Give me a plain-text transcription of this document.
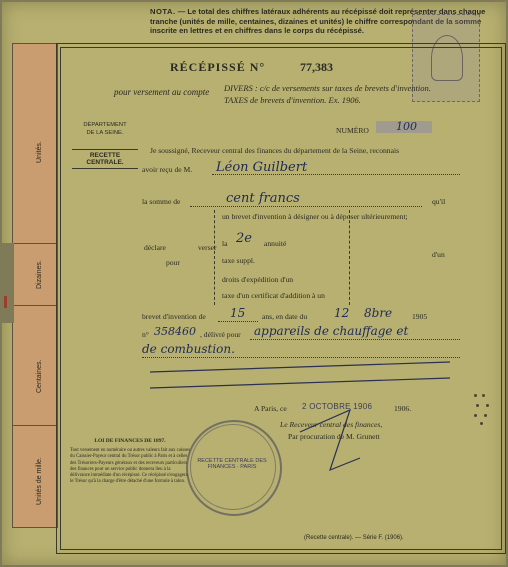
NOTA. — Le total des chiffres latéraux adhérents au récépissé doit représenter dans chaque tranche (unités de mille, centaines, dizaines et unités) le chiffre correspondant de la somme inscrite en lettres et en chiffres dans le corps du récépissé.
Unités.
Dizaines.
Centaines.
Unités de mille.
RÉCÉPISSÉ N°	77,383
pour versement au compte DIVERS : c/c de versements sur taxes de brevets d'invention.
TAXES de brevets d'invention. Ex. 1906.
DÉPARTEMENT
DE LA SEINE.
RECETTE CENTRALE.
NUMÉRO 100
Je soussigné, Receveur central des finances du département de la Seine, reconnais
avoir reçu de M. Léon Guilbert
la somme de	cent francs	qu'il
un brevet d'invention à désigner ou à déposer ultérieurement;
déclare	verser
pour
la 2e annuité
taxe suppl.
droits d'expédition d'un
d'un
taxe d'un certificat d'addition à un
brevet d'invention de 15 ans, en date du 12 8bre	1905
n° 358460 , délivré pour appareils de chauffage et
de combustion.
A Paris, ce 2 OCTOBRE 1906	1906.
Le Receveur central des finances,
Par procuration de M. Grunett
LOI DE FINANCES DE 1897.
Tout versement en numéraire ou autres valeurs fait aux caisses du Caissier-Payeur central du Trésor public à Paris et à celles des Trésoriers-Payeurs généraux et des receveurs particuliers des finances pour un service public donnera lieu à la délivrance immédiate d'un récépissé. Ce récépissé n'engagera le Trésor qu'à la charge d'être détaché d'une formule à talon.
RECETTE CENTRALE DES FINANCES · PARIS
(Recette centrale). — Série F. (1906).
